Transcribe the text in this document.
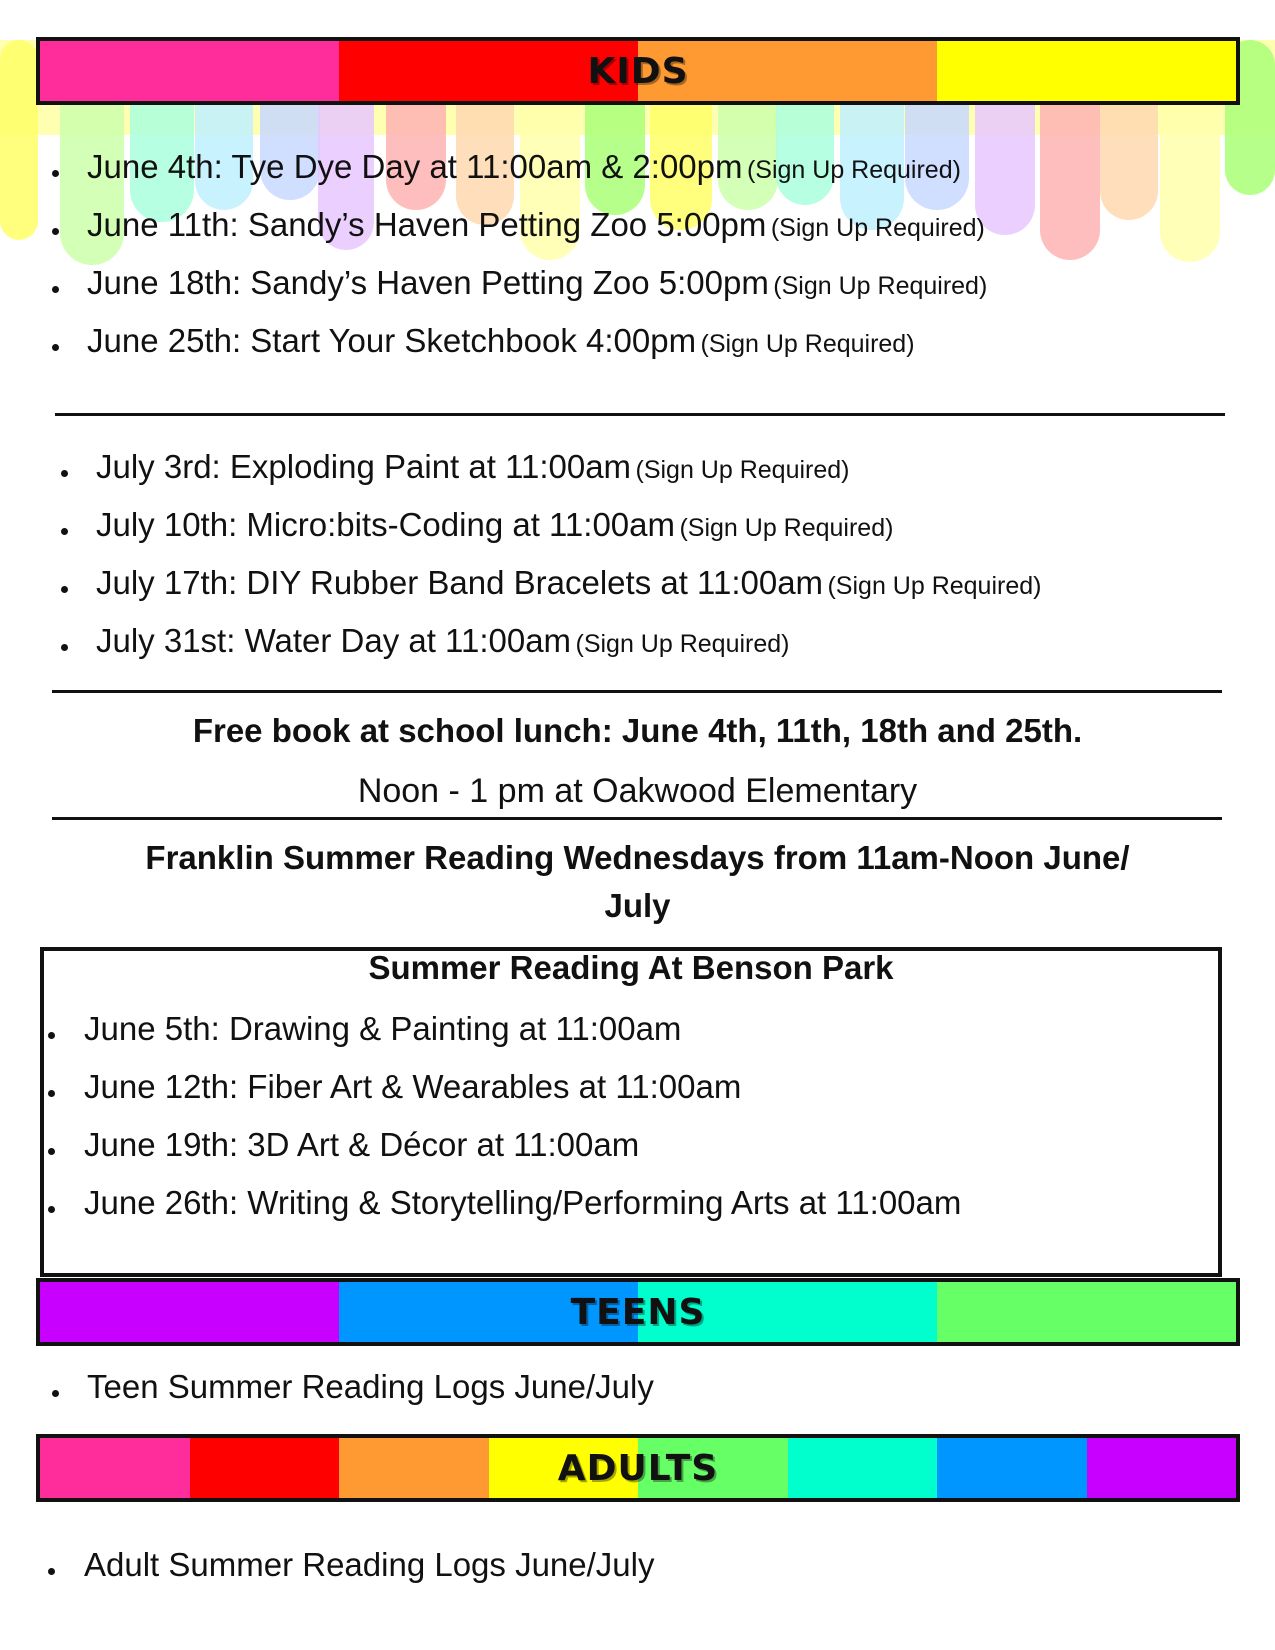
KIDS
June 4th: Tye Dye Day at 11:00am & 2:00pm (Sign Up Required)
June 11th: Sandy’s Haven Petting Zoo 5:00pm (Sign Up Required)
June 18th: Sandy’s Haven Petting Zoo 5:00pm (Sign Up Required)
June 25th: Start Your Sketchbook 4:00pm (Sign Up Required)
July 3rd: Exploding Paint at 11:00am (Sign Up Required)
July 10th: Micro:bits-Coding at 11:00am (Sign Up Required)
July 17th: DIY Rubber Band Bracelets at 11:00am (Sign Up Required)
July 31st: Water Day at 11:00am (Sign Up Required)
Free book at school lunch: June 4th, 11th, 18th and 25th.
Noon - 1 pm at Oakwood Elementary
Franklin Summer Reading Wednesdays from 11am-Noon June/
July
Summer Reading At Benson Park
June 5th: Drawing & Painting at 11:00am
June 12th: Fiber Art & Wearables at 11:00am
June 19th: 3D Art & Décor at 11:00am
June 26th: Writing & Storytelling/Performing Arts at 11:00am
TEENS
Teen Summer Reading Logs June/July
ADULTS
Adult Summer Reading Logs June/July
